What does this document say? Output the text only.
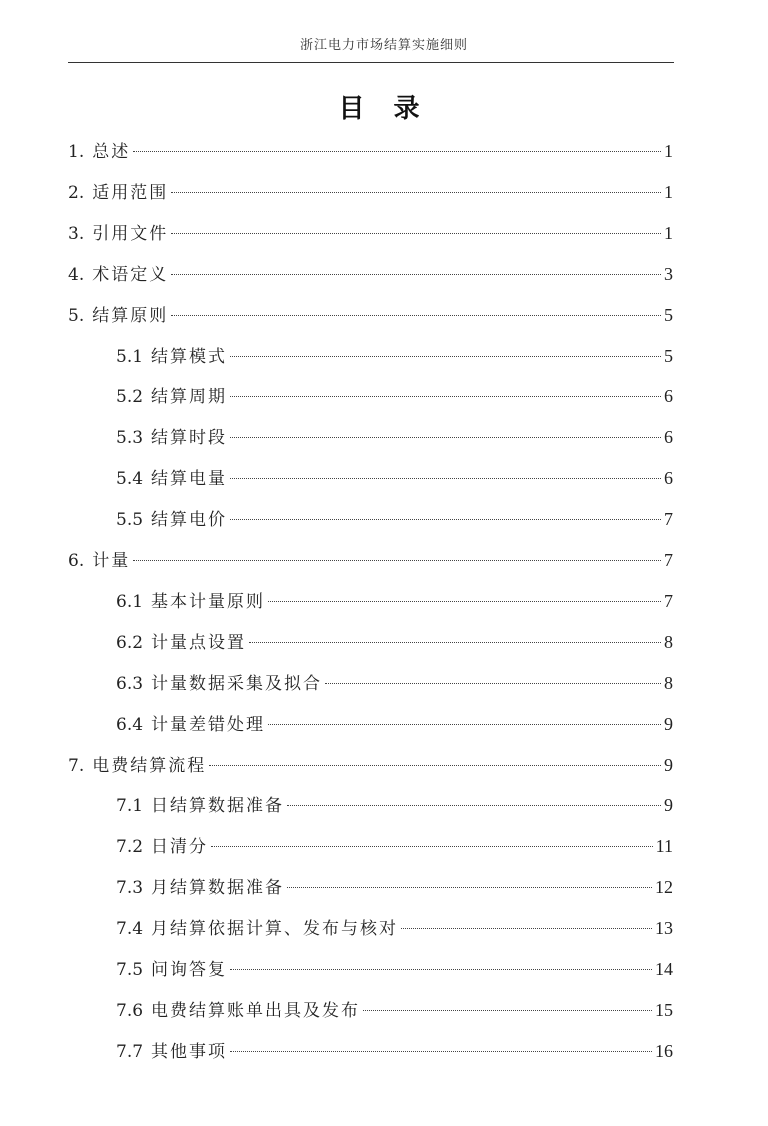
浙江电力市场结算实施细则
目 录
1. 总述	1
2. 适用范围	1
3. 引用文件	1
4. 术语定义	3
5. 结算原则	5
5.1 结算模式	5
5.2 结算周期	6
5.3 结算时段	6
5.4 结算电量	6
5.5 结算电价	7
6. 计量	7
6.1 基本计量原则	7
6.2 计量点设置	8
6.3 计量数据采集及拟合	8
6.4 计量差错处理	9
7. 电费结算流程	9
7.1 日结算数据准备	9
7.2 日清分	11
7.3 月结算数据准备	12
7.4 月结算依据计算、发布与核对	13
7.5 问询答复	14
7.6 电费结算账单出具及发布	15
7.7 其他事项	16
